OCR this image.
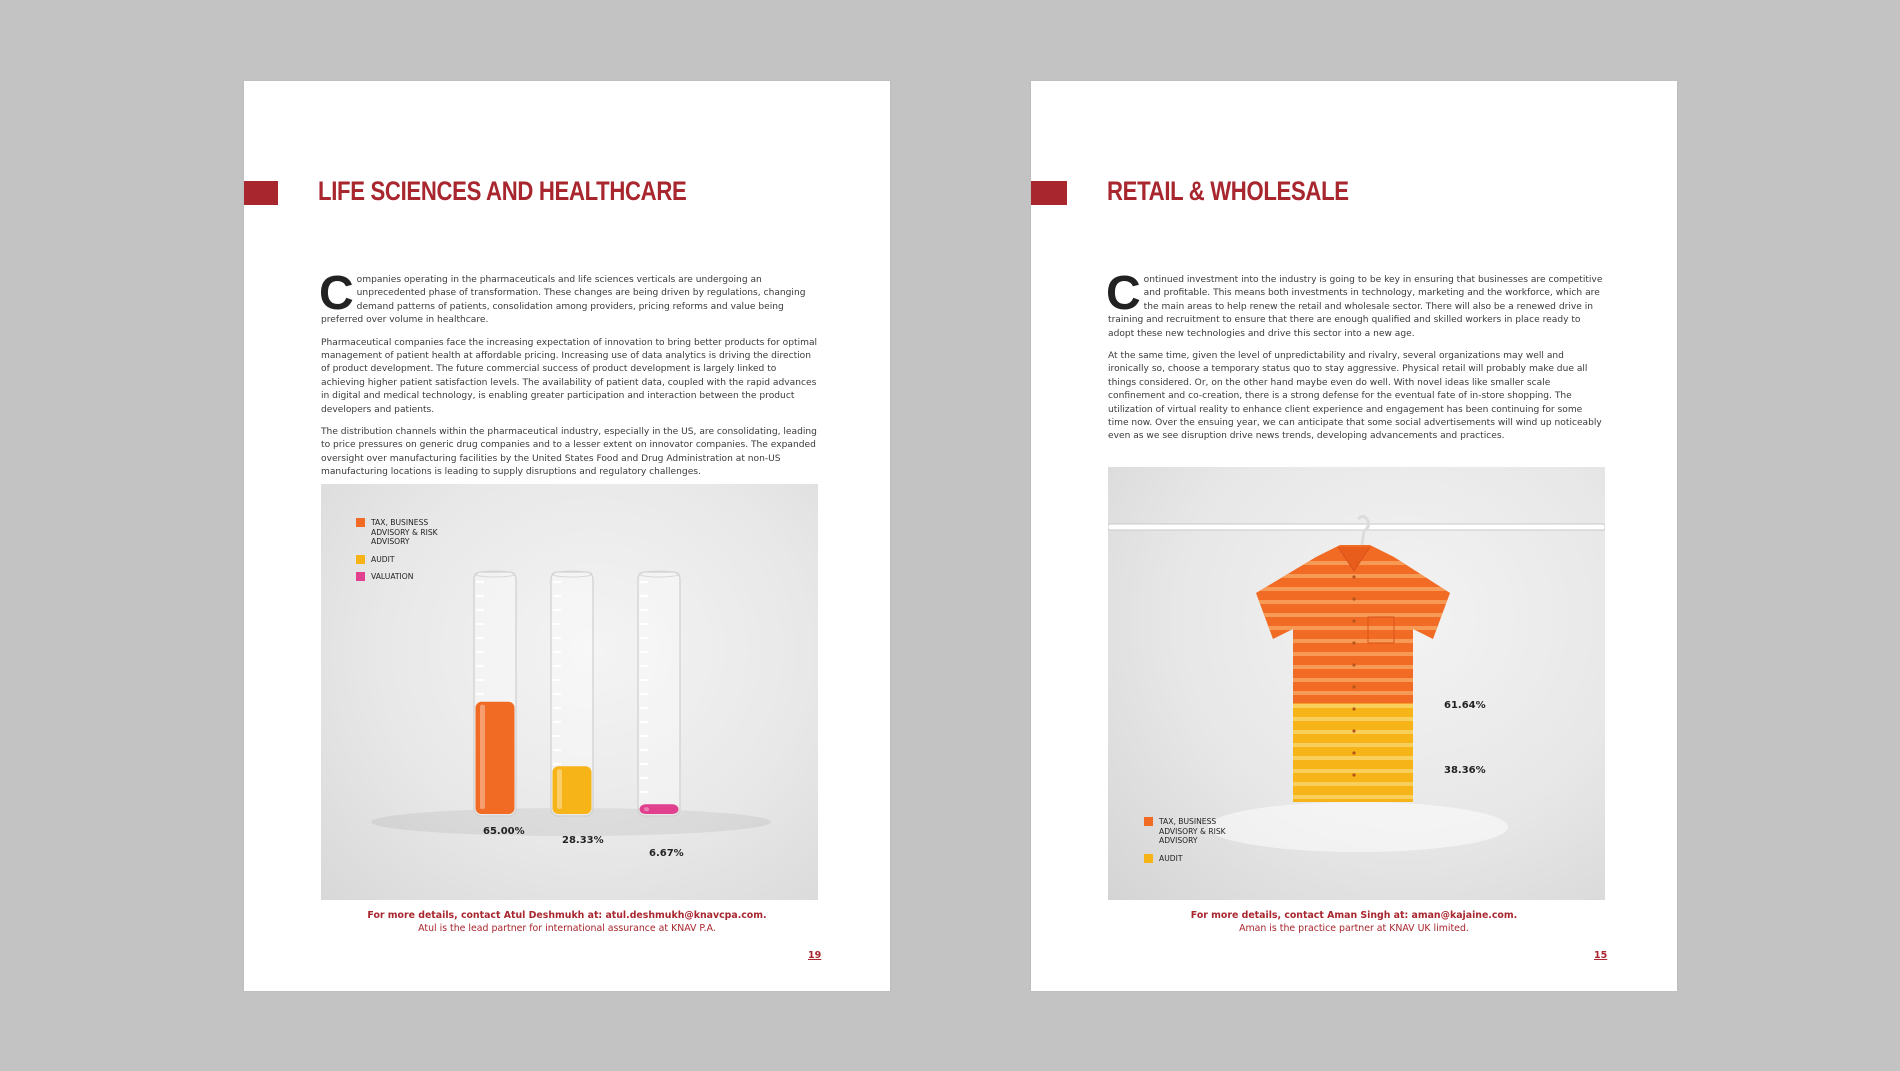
LIFE SCIENCES AND HEALTHCARE

Companies operating in the pharmaceuticals and life sciences verticals are undergoing an unprecedented phase of transformation. These changes are being driven by regulations, changing demand patterns of patients, consolidation among providers, pricing reforms and value being preferred over volume in healthcare.

Pharmaceutical companies face the increasing expectation of innovation to bring better products for optimal management of patient health at affordable pricing. Increasing use of data analytics is driving the direction of product development. The future commercial success of product development is largely linked to achieving higher patient satisfaction levels. The availability of patient data, coupled with the rapid advances in digital and medical technology, is enabling greater participation and interaction between the product developers and patients.

The distribution channels within the pharmaceutical industry, especially in the US, are consolidating, leading to price pressures on generic drug companies and to a lesser extent on innovator companies. The expanded oversight over manufacturing facilities by the United States Food and Drug Administration at non-US manufacturing locations is leading to supply disruptions and regulatory challenges.

TAX, BUSINESS ADVISORY & RISK ADVISORY
AUDIT
VALUATION
65.00%
28.33%
6.67%
For more details, contact Atul Deshmukh at: atul.deshmukh@knavcpa.com.
Atul is the lead partner for international assurance at KNAV P.A.
19
RETAIL & WHOLESALE

Continued investment into the industry is going to be key in ensuring that businesses are competitive and profitable. This means both investments in technology, marketing and the workforce, which are the main areas to help renew the retail and wholesale sector. There will also be a renewed drive in training and recruitment to ensure that there are enough qualified and skilled workers in place ready to adopt these new technologies and drive this sector into a new age.

At the same time, given the level of unpredictability and rivalry, several organizations may well and ironically so, choose a temporary status quo to stay aggressive. Physical retail will probably make due all things considered. Or, on the other hand maybe even do well. With novel ideas like smaller scale confinement and co-creation, there is a strong defense for the eventual fate of in-store shopping. The utilization of virtual reality to enhance client experience and engagement has been continuing for some time now. Over the ensuing year, we can anticipate that some social advertisements will wind up noticeably even as we see disruption drive news trends, developing advancements and practices.

61.64%
38.36%
TAX, BUSINESS ADVISORY & RISK ADVISORY
AUDIT
For more details, contact Aman Singh at: aman@kajaine.com.
Aman is the practice partner at KNAV UK limited.
15
